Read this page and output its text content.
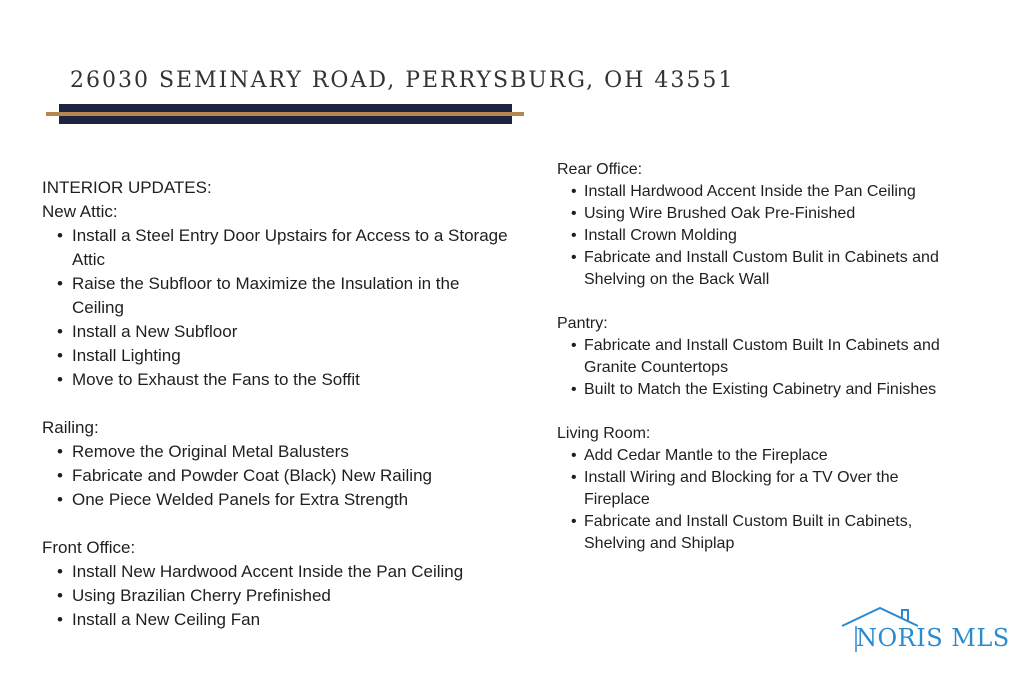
26030 SEMINARY ROAD, PERRYSBURG, OH 43551
INTERIOR UPDATES:
New Attic:
• Install a Steel Entry Door Upstairs for Access to a Storage Attic
• Raise the Subfloor to Maximize the Insulation in the Ceiling
• Install a New Subfloor
• Install Lighting
• Move to Exhaust the Fans to the Soffit
Railing:
• Remove the Original Metal Balusters
• Fabricate and Powder Coat (Black) New Railing
• One Piece Welded Panels for Extra Strength
Front Office:
• Install New Hardwood Accent Inside the Pan Ceiling
• Using Brazilian Cherry Prefinished
• Install a New Ceiling Fan
Rear Office:
• Install Hardwood Accent Inside the Pan Ceiling
• Using Wire Brushed Oak Pre-Finished
• Install Crown Molding
• Fabricate and Install Custom Bulit in Cabinets and Shelving on the Back Wall
Pantry:
• Fabricate and Install Custom Built In Cabinets and Granite Countertops
• Built to Match the Existing Cabinetry and Finishes
Living Room:
• Add Cedar Mantle to the Fireplace
• Install Wiring and Blocking for a TV Over the Fireplace
• Fabricate and Install Custom Built in Cabinets, Shelving and Shiplap
NORIS MLS
